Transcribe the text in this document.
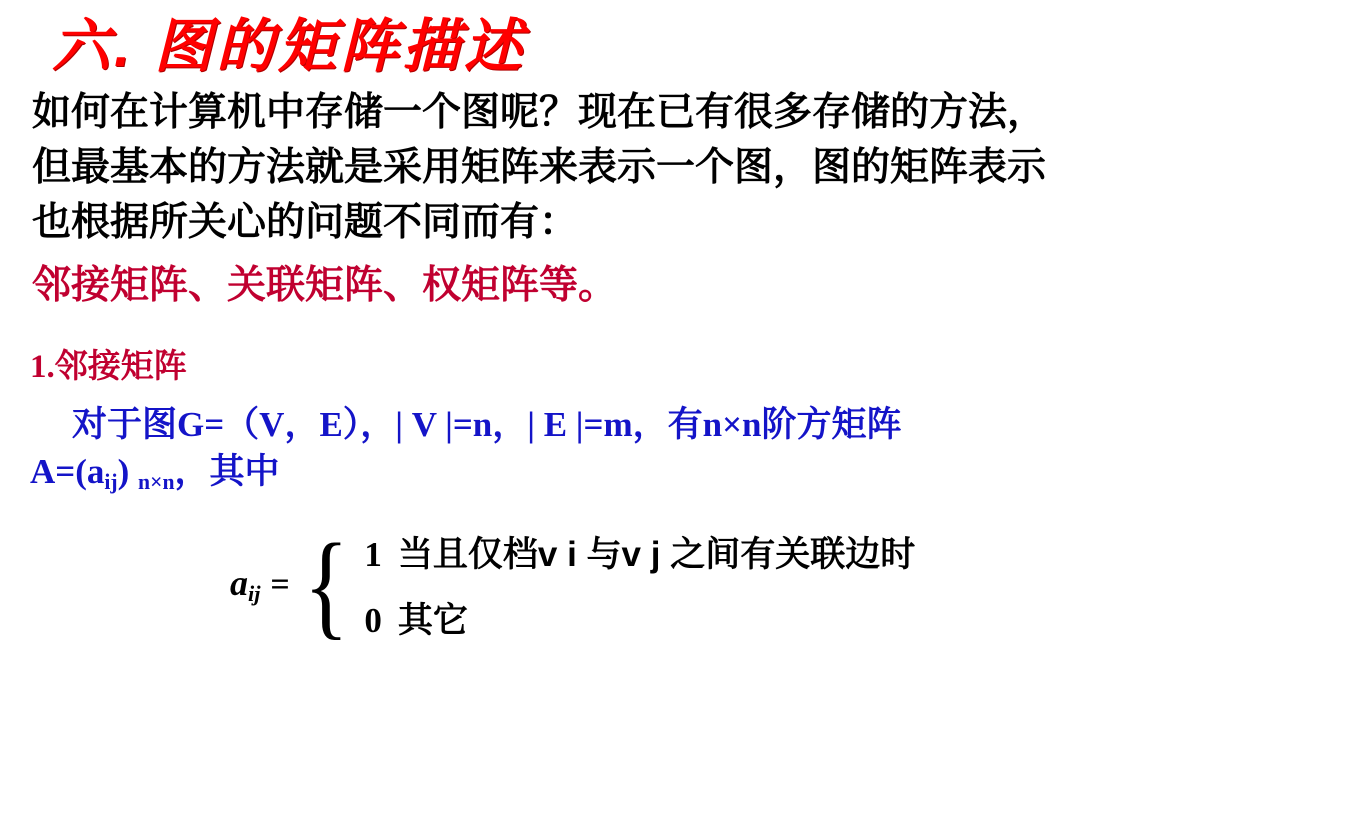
六. 图的矩阵描述
如何在计算机中存储一个图呢？现在已有很多存储的方法，
但最基本的方法就是采用矩阵来表示一个图，图的矩阵表示
也根据所关心的问题不同而有：
邻接矩阵、关联矩阵、权矩阵等。
1.邻接矩阵
对于图G=（V，E），| V |=n，| E |=m，有n×n阶方矩阵
$A=(a_{ij})$ $_{n\times n}$，其中
$a_{ij}$ = { 1 当且仅档v i 与v j 之间有关联边时
0 其它
